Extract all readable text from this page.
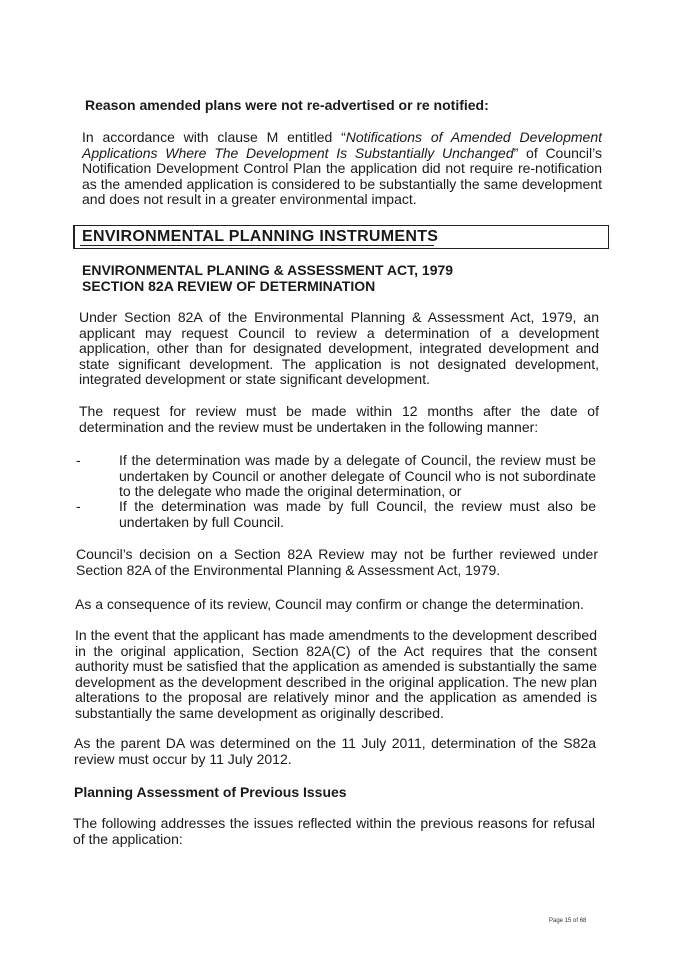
Reason amended plans were not re-advertised or re notified:
In accordance with clause M entitled “Notifications of Amended Development Applications Where The Development Is Substantially Unchanged” of Council’s Notification Development Control Plan the application did not require re-notification as the amended application is considered to be substantially the same development and does not result in a greater environmental impact.
ENVIRONMENTAL PLANNING INSTRUMENTS
ENVIRONMENTAL PLANING & ASSESSMENT ACT, 1979
SECTION 82A REVIEW OF DETERMINATION
Under Section 82A of the Environmental Planning & Assessment Act, 1979, an applicant may request Council to review a determination of a development application, other than for designated development, integrated development and state significant development. The application is not designated development, integrated development or state significant development.
The request for review must be made within 12 months after the date of determination and the review must be undertaken in the following manner:
-	If the determination was made by a delegate of Council, the review must be undertaken by Council or another delegate of Council who is not subordinate to the delegate who made the original determination, or
-	If the determination was made by full Council, the review must also be undertaken by full Council.
Council’s decision on a Section 82A Review may not be further reviewed under Section 82A of the Environmental Planning & Assessment Act, 1979.
As a consequence of its review, Council may confirm or change the determination.
In the event that the applicant has made amendments to the development described in the original application, Section 82A(C) of the Act requires that the consent authority must be satisfied that the application as amended is substantially the same development as the development described in the original application. The new plan alterations to the proposal are relatively minor and the application as amended is substantially the same development as originally described.
As the parent DA was determined on the 11 July 2011, determination of the S82a review must occur by 11 July 2012.
Planning Assessment of Previous Issues
The following addresses the issues reflected within the previous reasons for refusal of the application:
Page 15 of 68
